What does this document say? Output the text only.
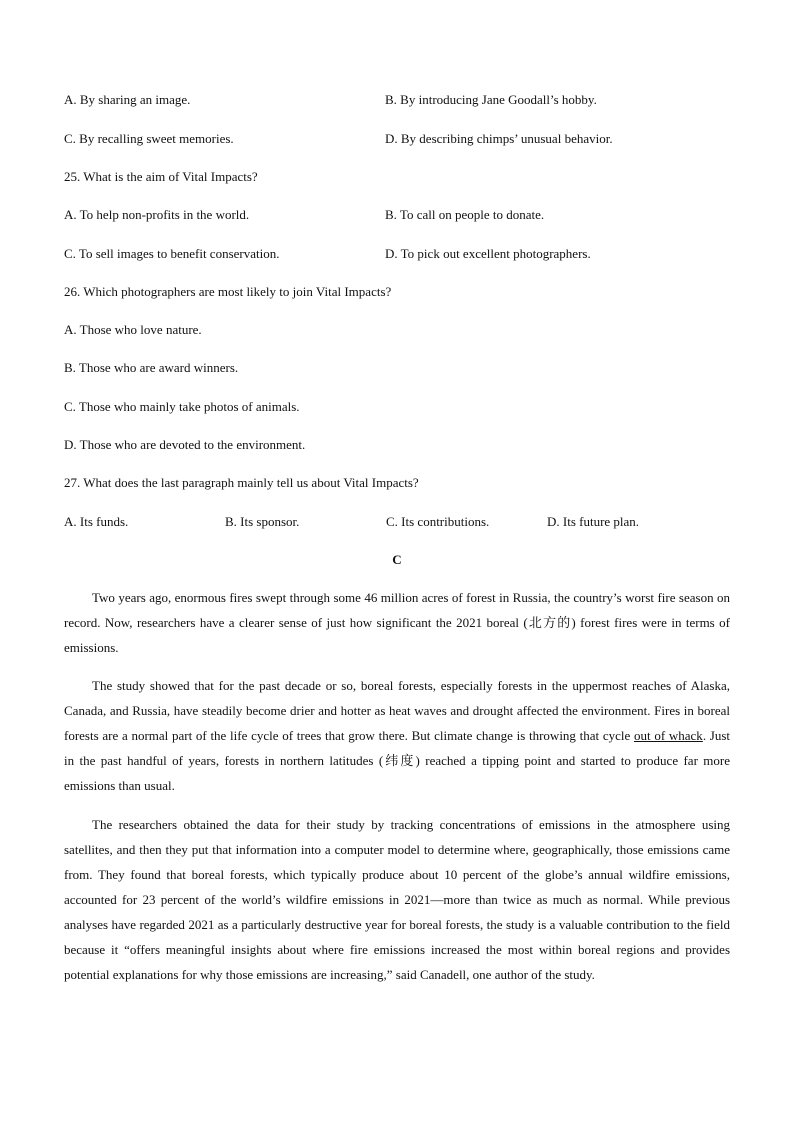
A. By sharing an image.	B. By introducing Jane Goodall’s hobby.
C. By recalling sweet memories.	D. By describing chimps’ unusual behavior.
25. What is the aim of Vital Impacts?
A. To help non-profits in the world.	B. To call on people to donate.
C. To sell images to benefit conservation.	D. To pick out excellent photographers.
26. Which photographers are most likely to join Vital Impacts?
A. Those who love nature.
B. Those who are award winners.
C. Those who mainly take photos of animals.
D. Those who are devoted to the environment.
27. What does the last paragraph mainly tell us about Vital Impacts?
A. Its funds.	B. Its sponsor.	C. Its contributions.	D. Its future plan.
C

Two years ago, enormous fires swept through some 46 million acres of forest in Russia, the country’s worst fire season on record. Now, researchers have a clearer sense of just how significant the 2021 boreal (北方的) forest fires were in terms of emissions.

The study showed that for the past decade or so, boreal forests, especially forests in the uppermost reaches of Alaska, Canada, and Russia, have steadily become drier and hotter as heat waves and drought affected the environment. Fires in boreal forests are a normal part of the life cycle of trees that grow there. But climate change is throwing that cycle out of whack. Just in the past handful of years, forests in northern latitudes (纬度) reached a tipping point and started to produce far more emissions than usual.

The researchers obtained the data for their study by tracking concentrations of emissions in the atmosphere using satellites, and then they put that information into a computer model to determine where, geographically, those emissions came from. They found that boreal forests, which typically produce about 10 percent of the globe’s annual wildfire emissions, accounted for 23 percent of the world’s wildfire emissions in 2021—more than twice as much as normal. While previous analyses have regarded 2021 as a particularly destructive year for boreal forests, the study is a valuable contribution to the field because it “offers meaningful insights about where fire emissions increased the most within boreal regions and provides potential explanations for why those emissions are increasing,” said Canadell, one author of the study.
